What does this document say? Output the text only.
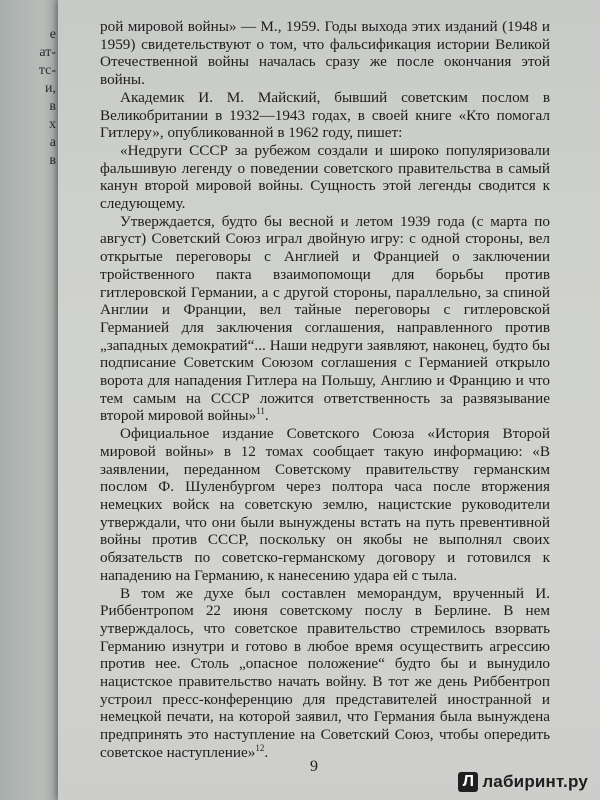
е
ат-
тс-
и,
в
х
а
в

рой мировой войны» — М., 1959. Годы выхода этих изданий (1948 и 1959) свидетельствуют о том, что фальсификация истории Великой Отечественной войны началась сразу же после окончания этой войны.

Академик И. М. Майский, бывший советским послом в Великобритании в 1932—1943 годах, в своей книге «Кто помогал Гитлеру», опубликованной в 1962 году, пишет:

«Недруги СССР за рубежом создали и широко популяризовали фальшивую легенду о поведении советского правительства в самый канун второй мировой войны. Сущность этой легенды сводится к следующему.

Утверждается, будто бы весной и летом 1939 года (с марта по август) Советский Союз играл двойную игру: с одной стороны, вел открытые переговоры с Англией и Францией о заключении тройственного пакта взаимопомощи для борьбы против гитлеровской Германии, а с другой стороны, параллельно, за спиной Англии и Франции, вел тайные переговоры с гитлеровской Германией для заключения соглашения, направленного против „западных демократий“... Наши недруги заявляют, наконец, будто бы подписание Советским Союзом соглашения с Германией открыло ворота для нападения Гитлера на Польшу, Англию и Францию и что тем самым на СССР ложится ответственность за развязывание второй мировой войны»$^{11}$.

Официальное издание Советского Союза «История Второй мировой войны» в 12 томах сообщает такую информацию: «В заявлении, переданном Советскому правительству германским послом Ф. Шуленбургом через полтора часа после вторжения немецких войск на советскую землю, нацистские руководители утверждали, что они были вынуждены встать на путь превентивной войны против СССР, поскольку он якобы не выполнял своих обязательств по советско-германскому договору и готовился к нападению на Германию, к нанесению удара ей с тыла.

В том же духе был составлен меморандум, врученный И. Риббентропом 22 июня советскому послу в Берлине. В нем утверждалось, что советское правительство стремилось взорвать Германию изнутри и готово в любое время осуществить агрессию против нее. Столь „опасное положение“ будто бы и вынудило нацистское правительство начать войну. В тот же день Риббентроп устроил пресс-конференцию для представителей иностранной и немецкой печати, на которой заявил, что Германия была вынуждена предпринять это наступление на Советский Союз, чтобы опередить советское наступление»$^{12}$.

9
Л лабиринт.ру
